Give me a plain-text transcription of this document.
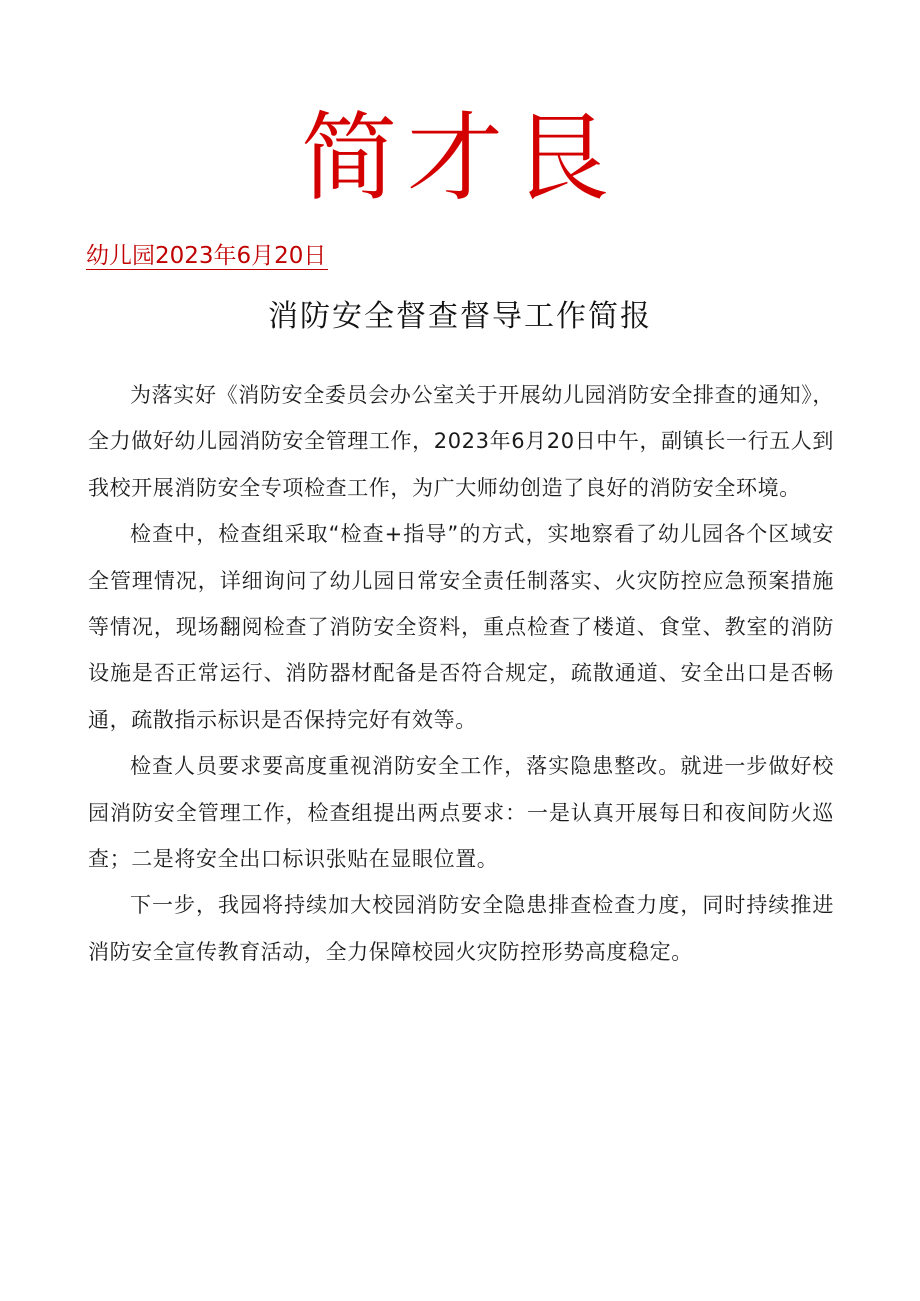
简才艮
幼儿园2023年6月20日
消防安全督查督导工作简报

为落实好《消防安全委员会办公室关于开展幼儿园消防安全排查的通知》，全力做好幼儿园消防安全管理工作，2023年6月20日中午，副镇长一行五人到我校开展消防安全专项检查工作，为广大师幼创造了良好的消防安全环境。

检查中，检查组采取“检查+指导”的方式，实地察看了幼儿园各个区域安全管理情况，详细询问了幼儿园日常安全责任制落实、火灾防控应急预案措施等情况，现场翻阅检查了消防安全资料，重点检查了楼道、食堂、教室的消防设施是否正常运行、消防器材配备是否符合规定，疏散通道、安全出口是否畅通，疏散指示标识是否保持完好有效等。

检查人员要求要高度重视消防安全工作，落实隐患整改。就进一步做好校园消防安全管理工作，检查组提出两点要求：一是认真开展每日和夜间防火巡查；二是将安全出口标识张贴在显眼位置。

下一步，我园将持续加大校园消防安全隐患排查检查力度，同时持续推进消防安全宣传教育活动，全力保障校园火灾防控形势高度稳定。
